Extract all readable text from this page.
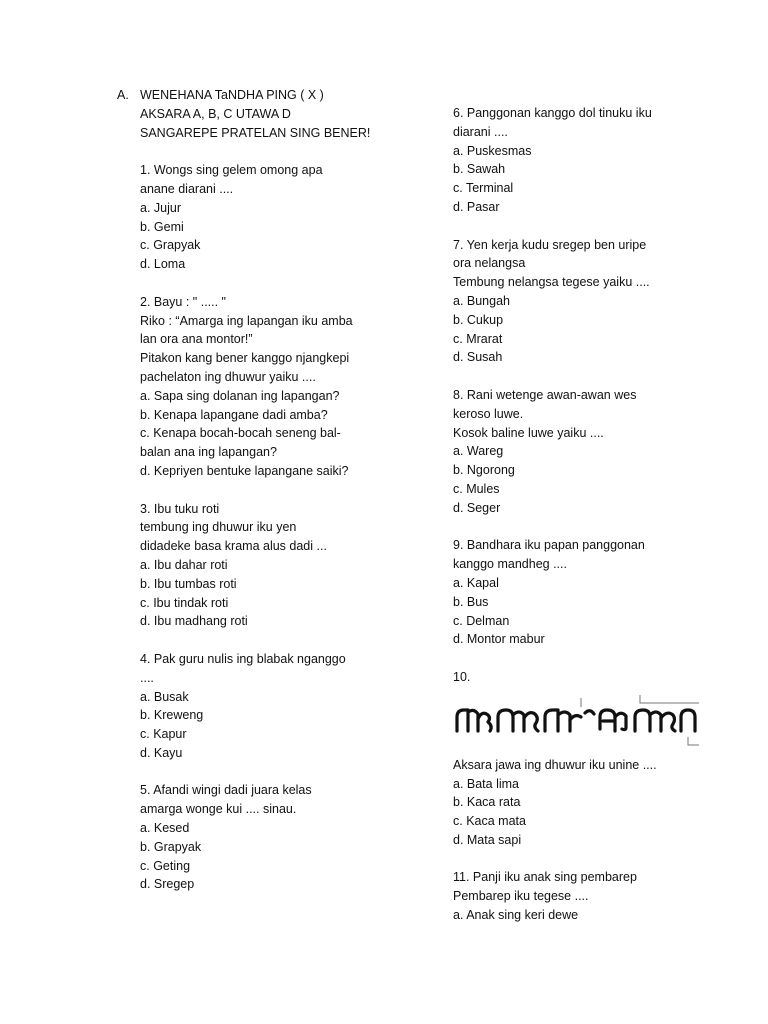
A. WENEHANA TaNDHA PING ( X )
AKSARA A, B, C UTAWA D
SANGAREPE PRATELAN SING BENER!
1. Wongs sing gelem omong apa
anane diarani ....
a. Jujur
b. Gemi
c. Grapyak
d. Loma
2. Bayu : " ..... "
Riko : “Amarga ing lapangan iku amba
lan ora ana montor!”
Pitakon kang bener kanggo njangkepi
pachelaton ing dhuwur yaiku ....
a. Sapa sing dolanan ing lapangan?
b. Kenapa lapangane dadi amba?
c. Kenapa bocah-bocah seneng bal-
balan ana ing lapangan?
d. Kepriyen bentuke lapangane saiki?
3. Ibu tuku roti
tembung ing dhuwur iku yen
didadeke basa krama alus dadi ...
a. Ibu dahar roti
b. Ibu tumbas roti
c. Ibu tindak roti
d. Ibu madhang roti
4. Pak guru nulis ing blabak nganggo
....
a. Busak
b. Kreweng
c. Kapur
d. Kayu
5. Afandi wingi dadi juara kelas
amarga wonge kui .... sinau.
a. Kesed
b. Grapyak
c. Geting
d. Sregep
6. Panggonan kanggo dol tinuku iku
diarani ....
a. Puskesmas
b. Sawah
c. Terminal
d. Pasar
7. Yen kerja kudu sregep ben uripe
ora nelangsa
Tembung nelangsa tegese yaiku ....
a. Bungah
b. Cukup
c. Mrarat
d. Susah
8. Rani wetenge awan-awan wes
keroso luwe.
Kosok baline luwe yaiku ....
a. Wareg
b. Ngorong
c. Mules
d. Seger
9. Bandhara iku papan panggonan
kanggo mandheg ....
a. Kapal
b. Bus
c. Delman
d. Montor mabur
10.
Aksara jawa ing dhuwur iku unine ....
a. Bata lima
b. Kaca rata
c. Kaca mata
d. Mata sapi
11. Panji iku anak sing pembarep
Pembarep iku tegese ....
a. Anak sing keri dewe
